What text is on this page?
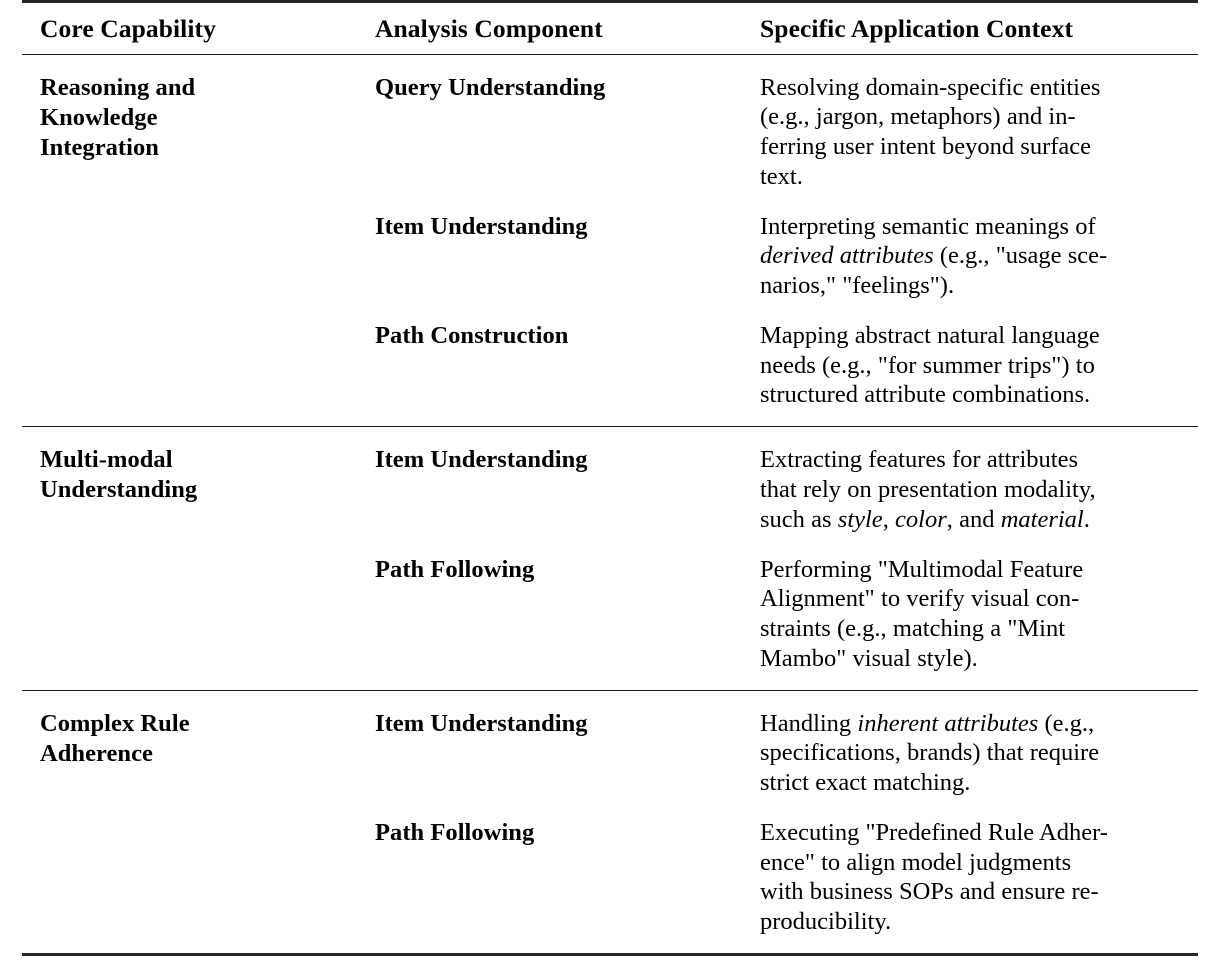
Core Capability	Analysis Component	Specific Application Context
Reasoning and
Knowledge
Integration	Query Understanding	Resolving domain-specific entities
(e.g., jargon, metaphors) and in-
ferring user intent beyond surface
text.

	Item Understanding	Interpreting semantic meanings of
derived attributes (e.g., "usage sce-
narios," "feelings").

	Path Construction	Mapping abstract natural language
needs (e.g., "for summer trips") to
structured attribute combinations.

Multi-modal
Understanding	Item Understanding	Extracting features for attributes
that rely on presentation modality,
such as style, color, and material.

	Path Following	Performing "Multimodal Feature
Alignment" to verify visual con-
straints (e.g., matching a "Mint
Mambo" visual style).

Complex Rule
Adherence	Item Understanding	Handling inherent attributes (e.g.,
specifications, brands) that require
strict exact matching.

	Path Following	Executing "Predefined Rule Adher-
ence" to align model judgments
with business SOPs and ensure re-
producibility.
